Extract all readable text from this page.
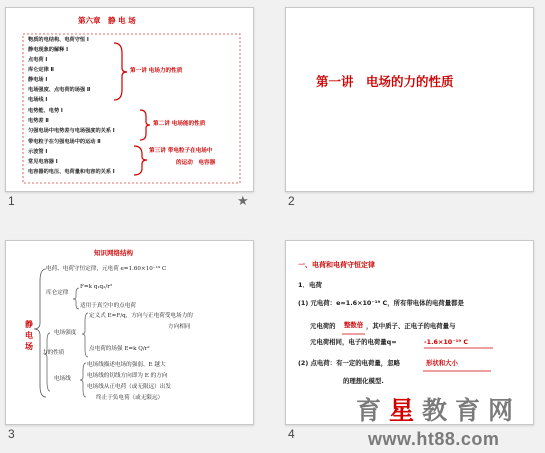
第六章　静 电 场
物质的电结构、电荷守恒 Ⅰ
静电现象的解释 Ⅰ
点电荷 Ⅰ
库仑定律 Ⅱ
静电场 Ⅰ
电场强度、点电荷的场强 Ⅱ
电场线 Ⅰ
电势能、电势 Ⅰ
电势差 Ⅱ
匀强电场中电势差与电场强度的关系 Ⅰ
带电粒子在匀强电场中的运动 Ⅱ
示波管 Ⅰ
常见电容器 Ⅰ
电容器的电压、电荷量和电容的关系 Ⅰ
第一讲 电场力的性质
第二讲 电场能的性质
第三讲 带电粒子在电场中
的运动　电容器
1	★
第一讲　电场的力的性质
2
知识网络结构
静
电
场
电荷、电荷守恒定律，元电荷 e=1.60×10⁻¹⁹ C
库仑定律
F=k q₁q₂/r²
适用于真空中的点电荷
定义式 E=F/q，方向与正电荷受电场力的
方向相同
电场强度
点电荷的场强 E=k Q/r²
力的性质
电场线描述电场的强弱、E 越大
电场线	电场线的切线方向即为 E 的方向
电场线从正电荷（或无限远）出发
终止于负电荷（或无限远）
3
一、电荷和电荷守恒定律
1．电荷
(1) 元电荷：e=1.6×10⁻¹⁹ C，所有带电体的电荷量都是
元电荷的 整数倍 ，其中质子、正电子的电荷量与
元电荷相同，电子的电荷量q=	-1.6×10⁻¹⁹ C
(2) 点电荷：有一定的电荷量，忽略	形状和大小
的理想化模型.
4
育 星 教 育 网
www.ht88.com
